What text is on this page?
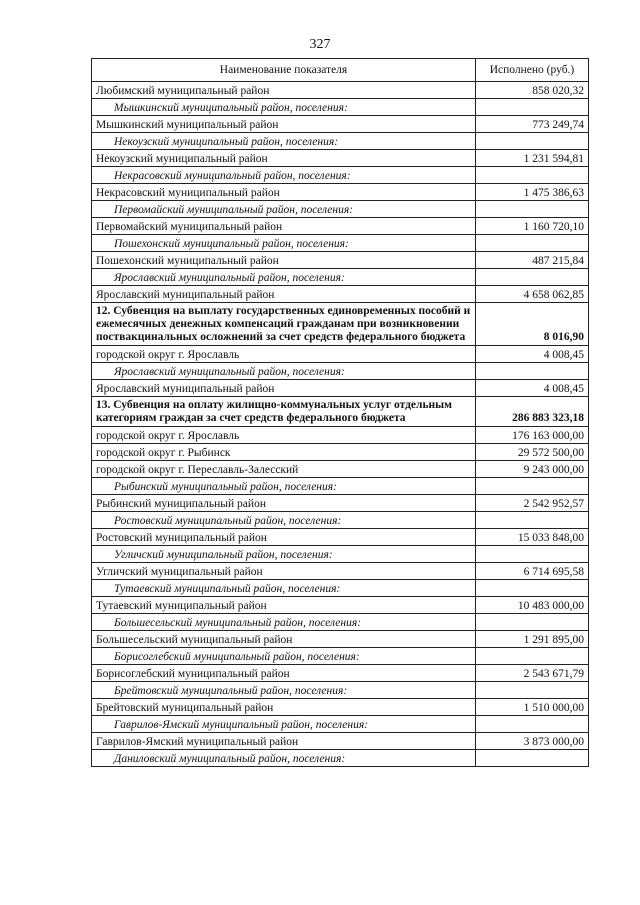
327
Наименование показателя	Исполнено (руб.)
Любимский муниципальный район	858 020,32
Мышкинский муниципальный район, поселения:	
Мышкинский муниципальный район	773 249,74
Некоузский муниципальный район, поселения:	
Некоузский муниципальный район	1 231 594,81
Некрасовский муниципальный район, поселения:	
Некрасовский муниципальный район	1 475 386,63
Первомайский муниципальный район, поселения:	
Первомайский муниципальный район	1 160 720,10
Пошехонский муниципальный район, поселения:	
Пошехонский муниципальный район	487 215,84
Ярославский муниципальный район, поселения:	
Ярославский муниципальный район	4 658 062,85
12. Субвенция на выплату государственных единовременных пособий и ежемесячных денежных компенсаций гражданам при возникновении поствакцинальных осложнений за счет средств федерального бюджета	8 016,90
городской округ г. Ярославль	4 008,45
Ярославский муниципальный район, поселения:	
Ярославский муниципальный район	4 008,45
13. Субвенция на оплату жилищно-коммунальных услуг отдельным категориям граждан за счет средств федерального бюджета	286 883 323,18
городской округ г. Ярославль	176 163 000,00
городской округ г. Рыбинск	29 572 500,00
городской округ г. Переславль-Залесский	9 243 000,00
Рыбинский муниципальный район, поселения:	
Рыбинский муниципальный район	2 542 952,57
Ростовский муниципальный район, поселения:	
Ростовский муниципальный район	15 033 848,00
Угличский муниципальный район, поселения:	
Угличский муниципальный район	6 714 695,58
Тутаевский муниципальный район, поселения:	
Тутаевский муниципальный район	10 483 000,00
Большесельский муниципальный район, поселения:	
Большесельский муниципальный район	1 291 895,00
Борисоглебский муниципальный район, поселения:	
Борисоглебский муниципальный район	2 543 671,79
Брейтовский муниципальный район, поселения:	
Брейтовский муниципальный район	1 510 000,00
Гаврилов-Ямский муниципальный район, поселения:	
Гаврилов-Ямский муниципальный район	3 873 000,00
Даниловский муниципальный район, поселения:	
